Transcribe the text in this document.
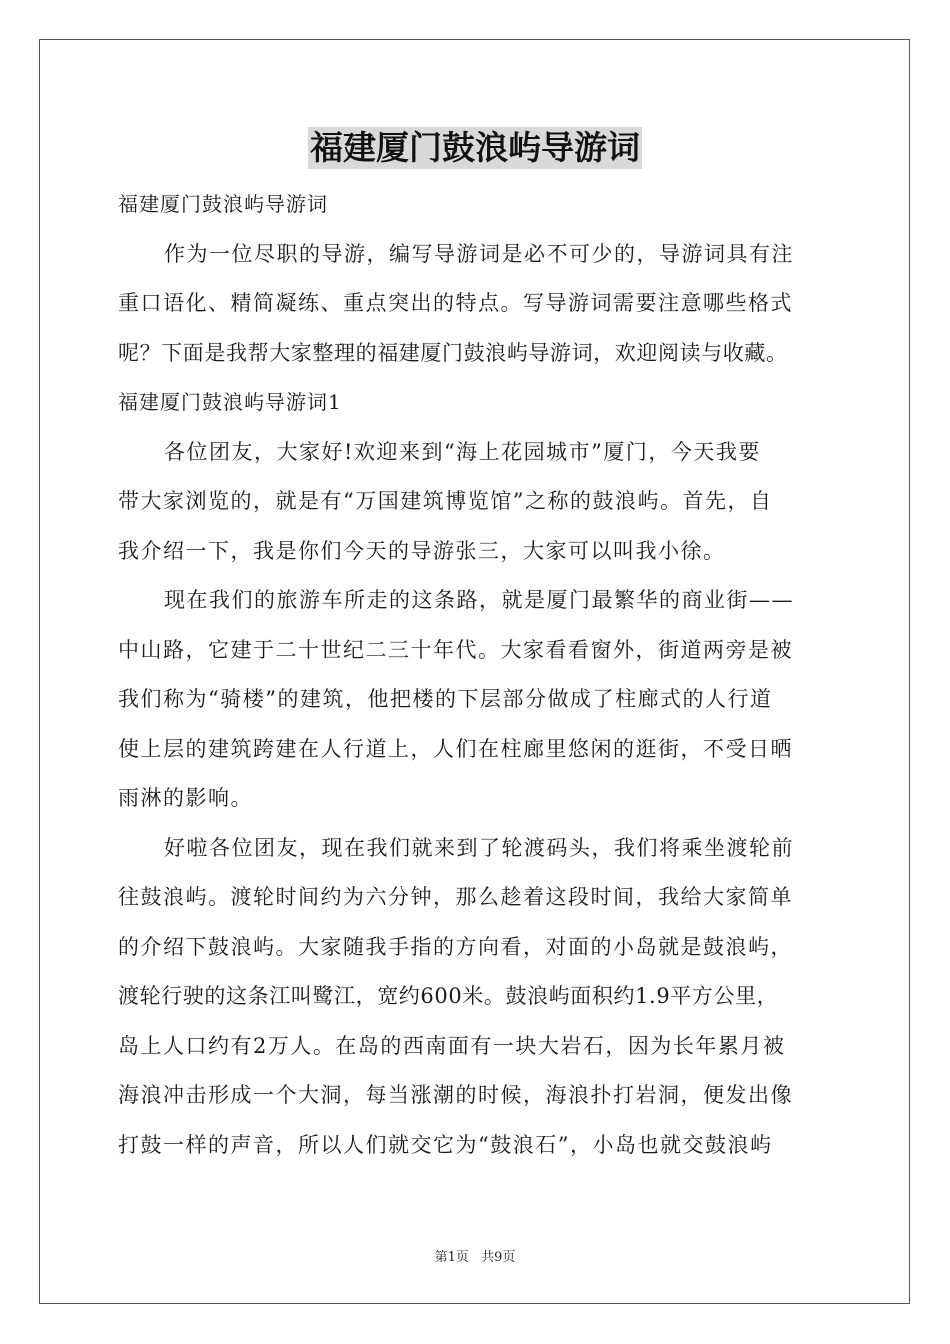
福建厦门鼓浪屿导游词
福建厦门鼓浪屿导游词
作为一位尽职的导游，编写导游词是必不可少的，导游词具有注
重口语化、精简凝练、重点突出的特点。写导游词需要注意哪些格式
呢？下面是我帮大家整理的福建厦门鼓浪屿导游词，欢迎阅读与收藏。
福建厦门鼓浪屿导游词1
各位团友，大家好!欢迎来到“海上花园城市”厦门，今天我要
带大家浏览的，就是有“万国建筑博览馆”之称的鼓浪屿。首先，自
我介绍一下，我是你们今天的导游张三，大家可以叫我小徐。
现在我们的旅游车所走的这条路，就是厦门最繁华的商业街——
中山路，它建于二十世纪二三十年代。大家看看窗外，街道两旁是被
我们称为“骑楼”的建筑，他把楼的下层部分做成了柱廊式的人行道
使上层的建筑跨建在人行道上，人们在柱廊里悠闲的逛街，不受日晒
雨淋的影响。
好啦各位团友，现在我们就来到了轮渡码头，我们将乘坐渡轮前
往鼓浪屿。渡轮时间约为六分钟，那么趁着这段时间，我给大家简单
的介绍下鼓浪屿。大家随我手指的方向看，对面的小岛就是鼓浪屿，
渡轮行驶的这条江叫鹭江，宽约600米。鼓浪屿面积约1.9平方公里，
岛上人口约有2万人。在岛的西南面有一块大岩石，因为长年累月被
海浪冲击形成一个大洞，每当涨潮的时候，海浪扑打岩洞，便发出像
打鼓一样的声音，所以人们就交它为“鼓浪石”，小岛也就交鼓浪屿
第1页 共9页
